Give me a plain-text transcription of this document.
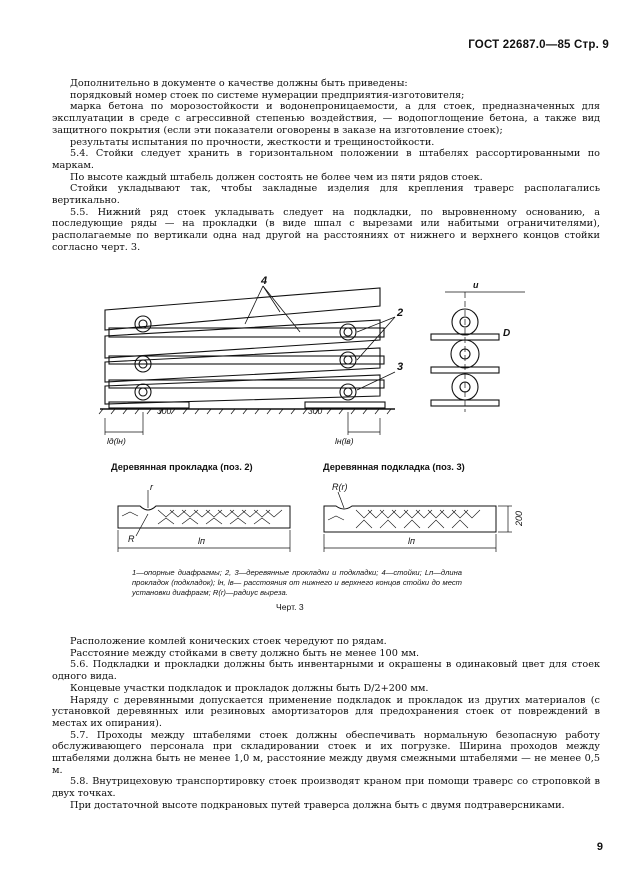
ГОСТ 22687.0—85 Стр. 9

Дополнительно в документе о качестве должны быть приведены:

порядковый номер стоек по системе нумерации предприятия-изготовителя;

марка бетона по морозостойкости и водонепроницаемости, а для стоек, предназначенных для эксплуатации в среде с агрессивной степенью воздействия, — водопоглощение бетона, а также вид защитного покрытия (если эти показатели оговорены в заказе на изготовление стоек);

результаты испытания по прочности, жесткости и трещиностойкости.

5.4. Стойки следует хранить в горизонтальном положении в штабелях рассортированными по маркам.

По высоте каждый штабель должен состоять не более чем из пяти рядов стоек.

Стойки укладывают так, чтобы закладные изделия для крепления траверс располагались вертикально.

5.5. Нижний ряд стоек укладывать следует на подкладки, по выровненному основанию, а последующие ряды — на прокладки (в виде шпал с вырезами или набитыми ограничителями), располагаемые по вертикали одна над другой на расстояниях от нижнего и верхнего концов стойки согласно черт. 3.

4
2
3
u
D
300	300
lд(lн)	lн(lв)
Деревянная прокладка (поз. 2)	Деревянная подкладка (поз. 3)
r
R	lп
R(r)
200
lп
1—опорные диафрагмы; 2, 3—деревянные прокладки и подкладки; 4—стойки; Lп—длина прокладок (подкладок); lн, lв— расстояния от нижнего и верхнего концов стойки до мест установки диафрагм; R(r)—радиус выреза.
Черт. 3

Расположение комлей конических стоек чередуют по рядам.

Расстояние между стойками в свету должно быть не менее 100 мм.

5.6. Подкладки и прокладки должны быть инвентарными и окрашены в одинаковый цвет для стоек одного вида.

Концевые участки подкладок и прокладок должны быть D/2+200 мм.

Наряду с деревянными допускается применение подкладок и прокладок из других материалов (с установкой деревянных или резиновых амортизаторов для предохранения стоек от повреждений в местах их опирания).

5.7. Проходы между штабелями стоек должны обеспечивать нормальную безопасную работу обслуживающего персонала при складировании стоек и их погрузке. Ширина проходов между штабелями должна быть не менее 1,0 м, расстояние между двумя смежными штабелями — не менее 0,5 м.

5.8. Внутрицеховую транспортировку стоек производят краном при помощи траверс со строповкой в двух точках.

При достаточной высоте подкрановых путей траверса должна быть с двумя подтраверсниками.

9
